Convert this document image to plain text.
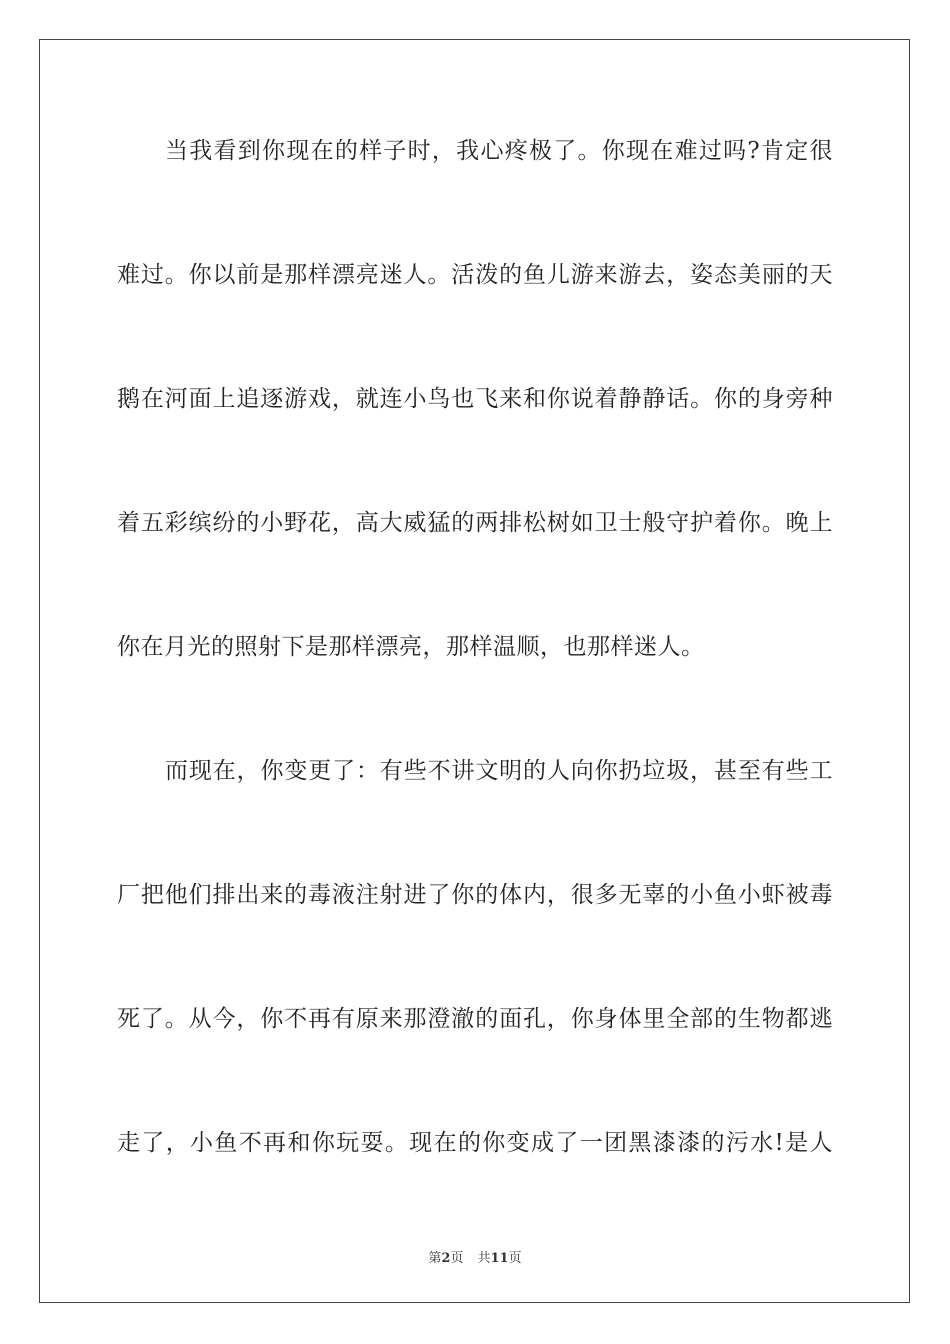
当我看到你现在的样子时，我心疼极了。你现在难过吗?肯定很
难过。你以前是那样漂亮迷人。活泼的鱼儿游来游去，姿态美丽的天
鹅在河面上追逐游戏，就连小鸟也飞来和你说着静静话。你的身旁种
着五彩缤纷的小野花，高大威猛的两排松树如卫士般守护着你。晚上
你在月光的照射下是那样漂亮，那样温顺，也那样迷人。
而现在，你变更了：有些不讲文明的人向你扔垃圾，甚至有些工
厂把他们排出来的毒液注射进了你的体内，很多无辜的小鱼小虾被毒
死了。从今，你不再有原来那澄澈的面孔，你身体里全部的生物都逃
走了，小鱼不再和你玩耍。现在的你变成了一团黑漆漆的污水!是人
第2页 共11页
